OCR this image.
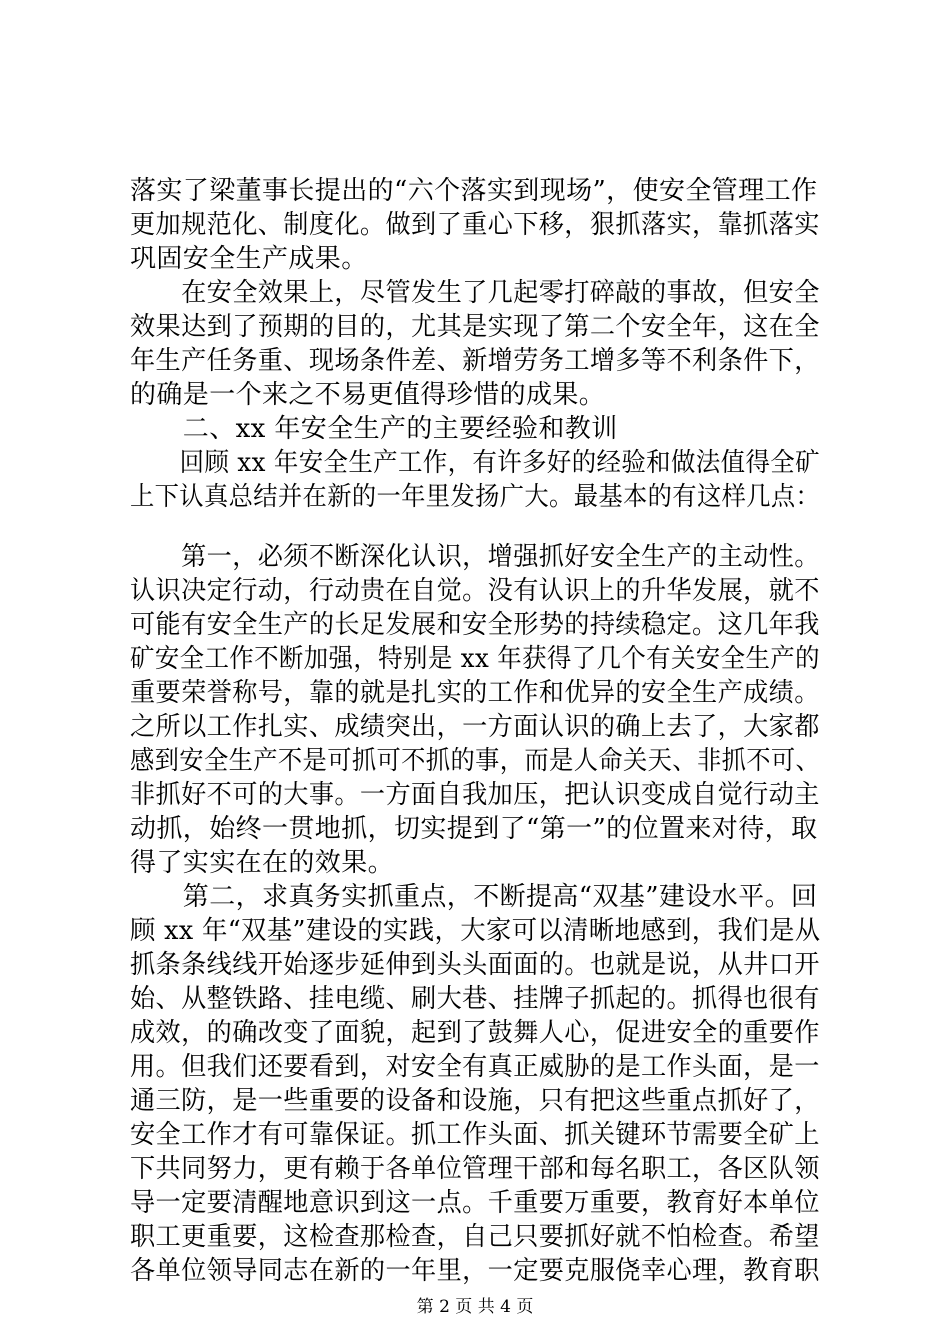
落实了梁董事长提出的“六个落实到现场”，使安全管理工作
更加规范化、制度化。做到了重心下移，狠抓落实，靠抓落实
巩固安全生产成果。
　　在安全效果上，尽管发生了几起零打碎敲的事故，但安全
效果达到了预期的目的，尤其是实现了第二个安全年，这在全
年生产任务重、现场条件差、新增劳务工增多等不利条件下，
的确是一个来之不易更值得珍惜的成果。
　　二、xx 年安全生产的主要经验和教训
　　回顾 xx 年安全生产工作，有许多好的经验和做法值得全矿
上下认真总结并在新的一年里发扬广大。最基本的有这样几点：
　　第一，必须不断深化认识，增强抓好安全生产的主动性。
认识决定行动，行动贵在自觉。没有认识上的升华发展，就不
可能有安全生产的长足发展和安全形势的持续稳定。这几年我
矿安全工作不断加强，特别是 xx 年获得了几个有关安全生产的
重要荣誉称号，靠的就是扎实的工作和优异的安全生产成绩。
之所以工作扎实、成绩突出，一方面认识的确上去了，大家都
感到安全生产不是可抓可不抓的事，而是人命关天、非抓不可、
非抓好不可的大事。一方面自我加压，把认识变成自觉行动主
动抓，始终一贯地抓，切实提到了“第一”的位置来对待，取
得了实实在在的效果。
　　第二，求真务实抓重点，不断提高“双基”建设水平。回
顾 xx 年“双基”建设的实践，大家可以清晰地感到，我们是从
抓条条线线开始逐步延伸到头头面面的。也就是说，从井口开
始、从整铁路、挂电缆、刷大巷、挂牌子抓起的。抓得也很有
成效，的确改变了面貌，起到了鼓舞人心，促进安全的重要作
用。但我们还要看到，对安全有真正威胁的是工作头面，是一
通三防，是一些重要的设备和设施，只有把这些重点抓好了，
安全工作才有可靠保证。抓工作头面、抓关键环节需要全矿上
下共同努力，更有赖于各单位管理干部和每名职工，各区队领
导一定要清醒地意识到这一点。千重要万重要，教育好本单位
职工更重要，这检查那检查，自己只要抓好就不怕检查。希望
各单位领导同志在新的一年里，一定要克服侥幸心理，教育职
第 2 页 共 4 页
